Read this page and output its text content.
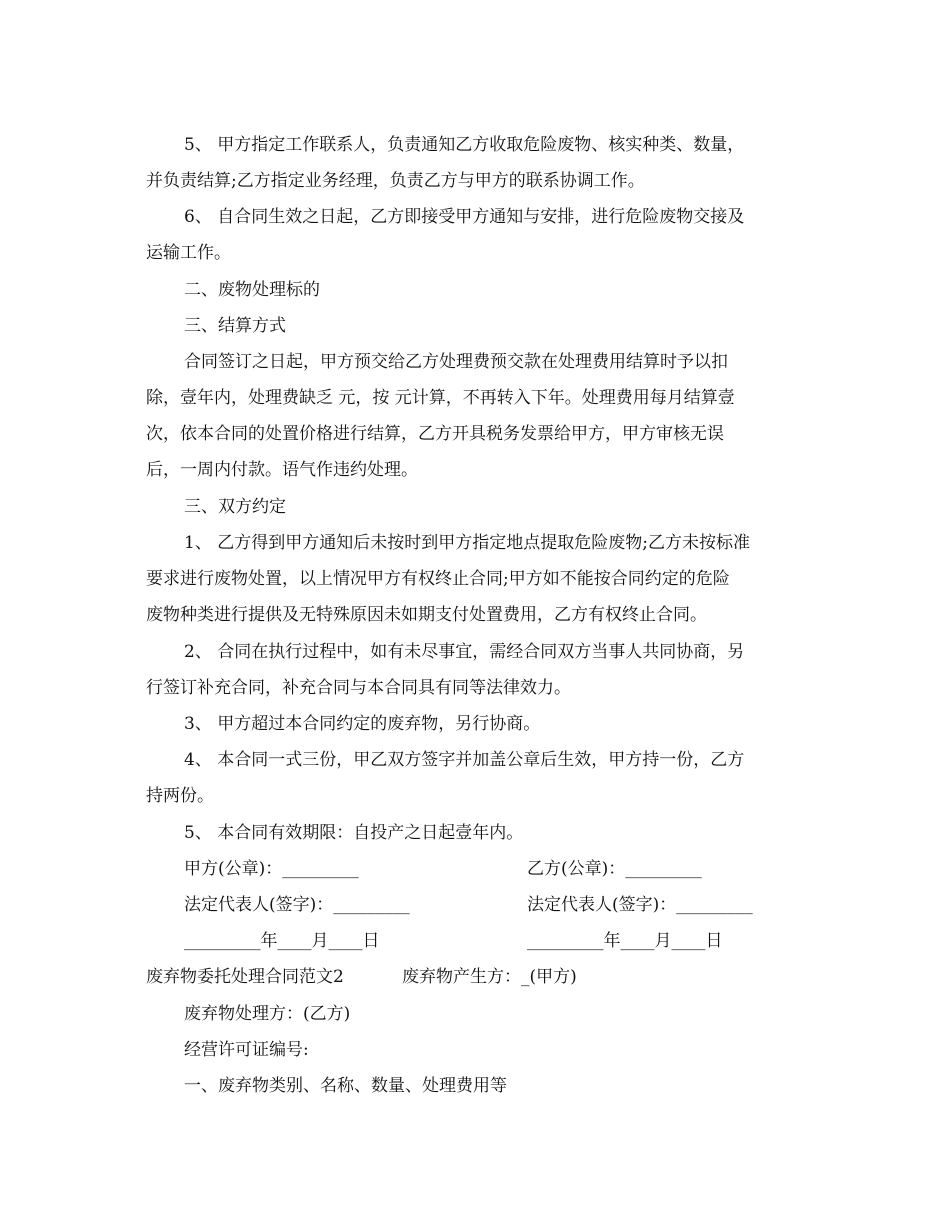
5、 甲方指定工作联系人，负责通知乙方收取危险废物、核实种类、数量，
并负责结算;乙方指定业务经理，负责乙方与甲方的联系协调工作。
6、 自合同生效之日起，乙方即接受甲方通知与安排，进行危险废物交接及
运输工作。
二、废物处理标的
三、结算方式
合同签订之日起，甲方预交给乙方处理费预交款在处理费用结算时予以扣
除，壹年内，处理费缺乏 元，按 元计算，不再转入下年。处理费用每月结算壹
次，依本合同的处置价格进行结算，乙方开具税务发票给甲方，甲方审核无误
后，一周内付款。语气作违约处理。
三、双方约定
1、 乙方得到甲方通知后未按时到甲方指定地点提取危险废物;乙方未按标准
要求进行废物处置，以上情况甲方有权终止合同;甲方如不能按合同约定的危险
废物种类进行提供及无特殊原因未如期支付处置费用，乙方有权终止合同。
2、 合同在执行过程中，如有未尽事宜，需经合同双方当事人共同协商，另
行签订补充合同，补充合同与本合同具有同等法律效力。
3、 甲方超过本合同约定的废弃物，另行协商。
4、 本合同一式三份，甲乙双方签字并加盖公章后生效，甲方持一份，乙方
持两份。
5、 本合同有效期限：自投产之日起壹年内。
甲方(公章)：_________	乙方(公章)：_________
法定代表人(签字)：_________	法定代表人(签字)：_________
_________年____月____日	_________年____月____日
废弃物委托处理合同范文2	废弃物产生方：_(甲方)
废弃物处理方：(乙方)
经营许可证编号:
一、废弃物类别、名称、数量、处理费用等
